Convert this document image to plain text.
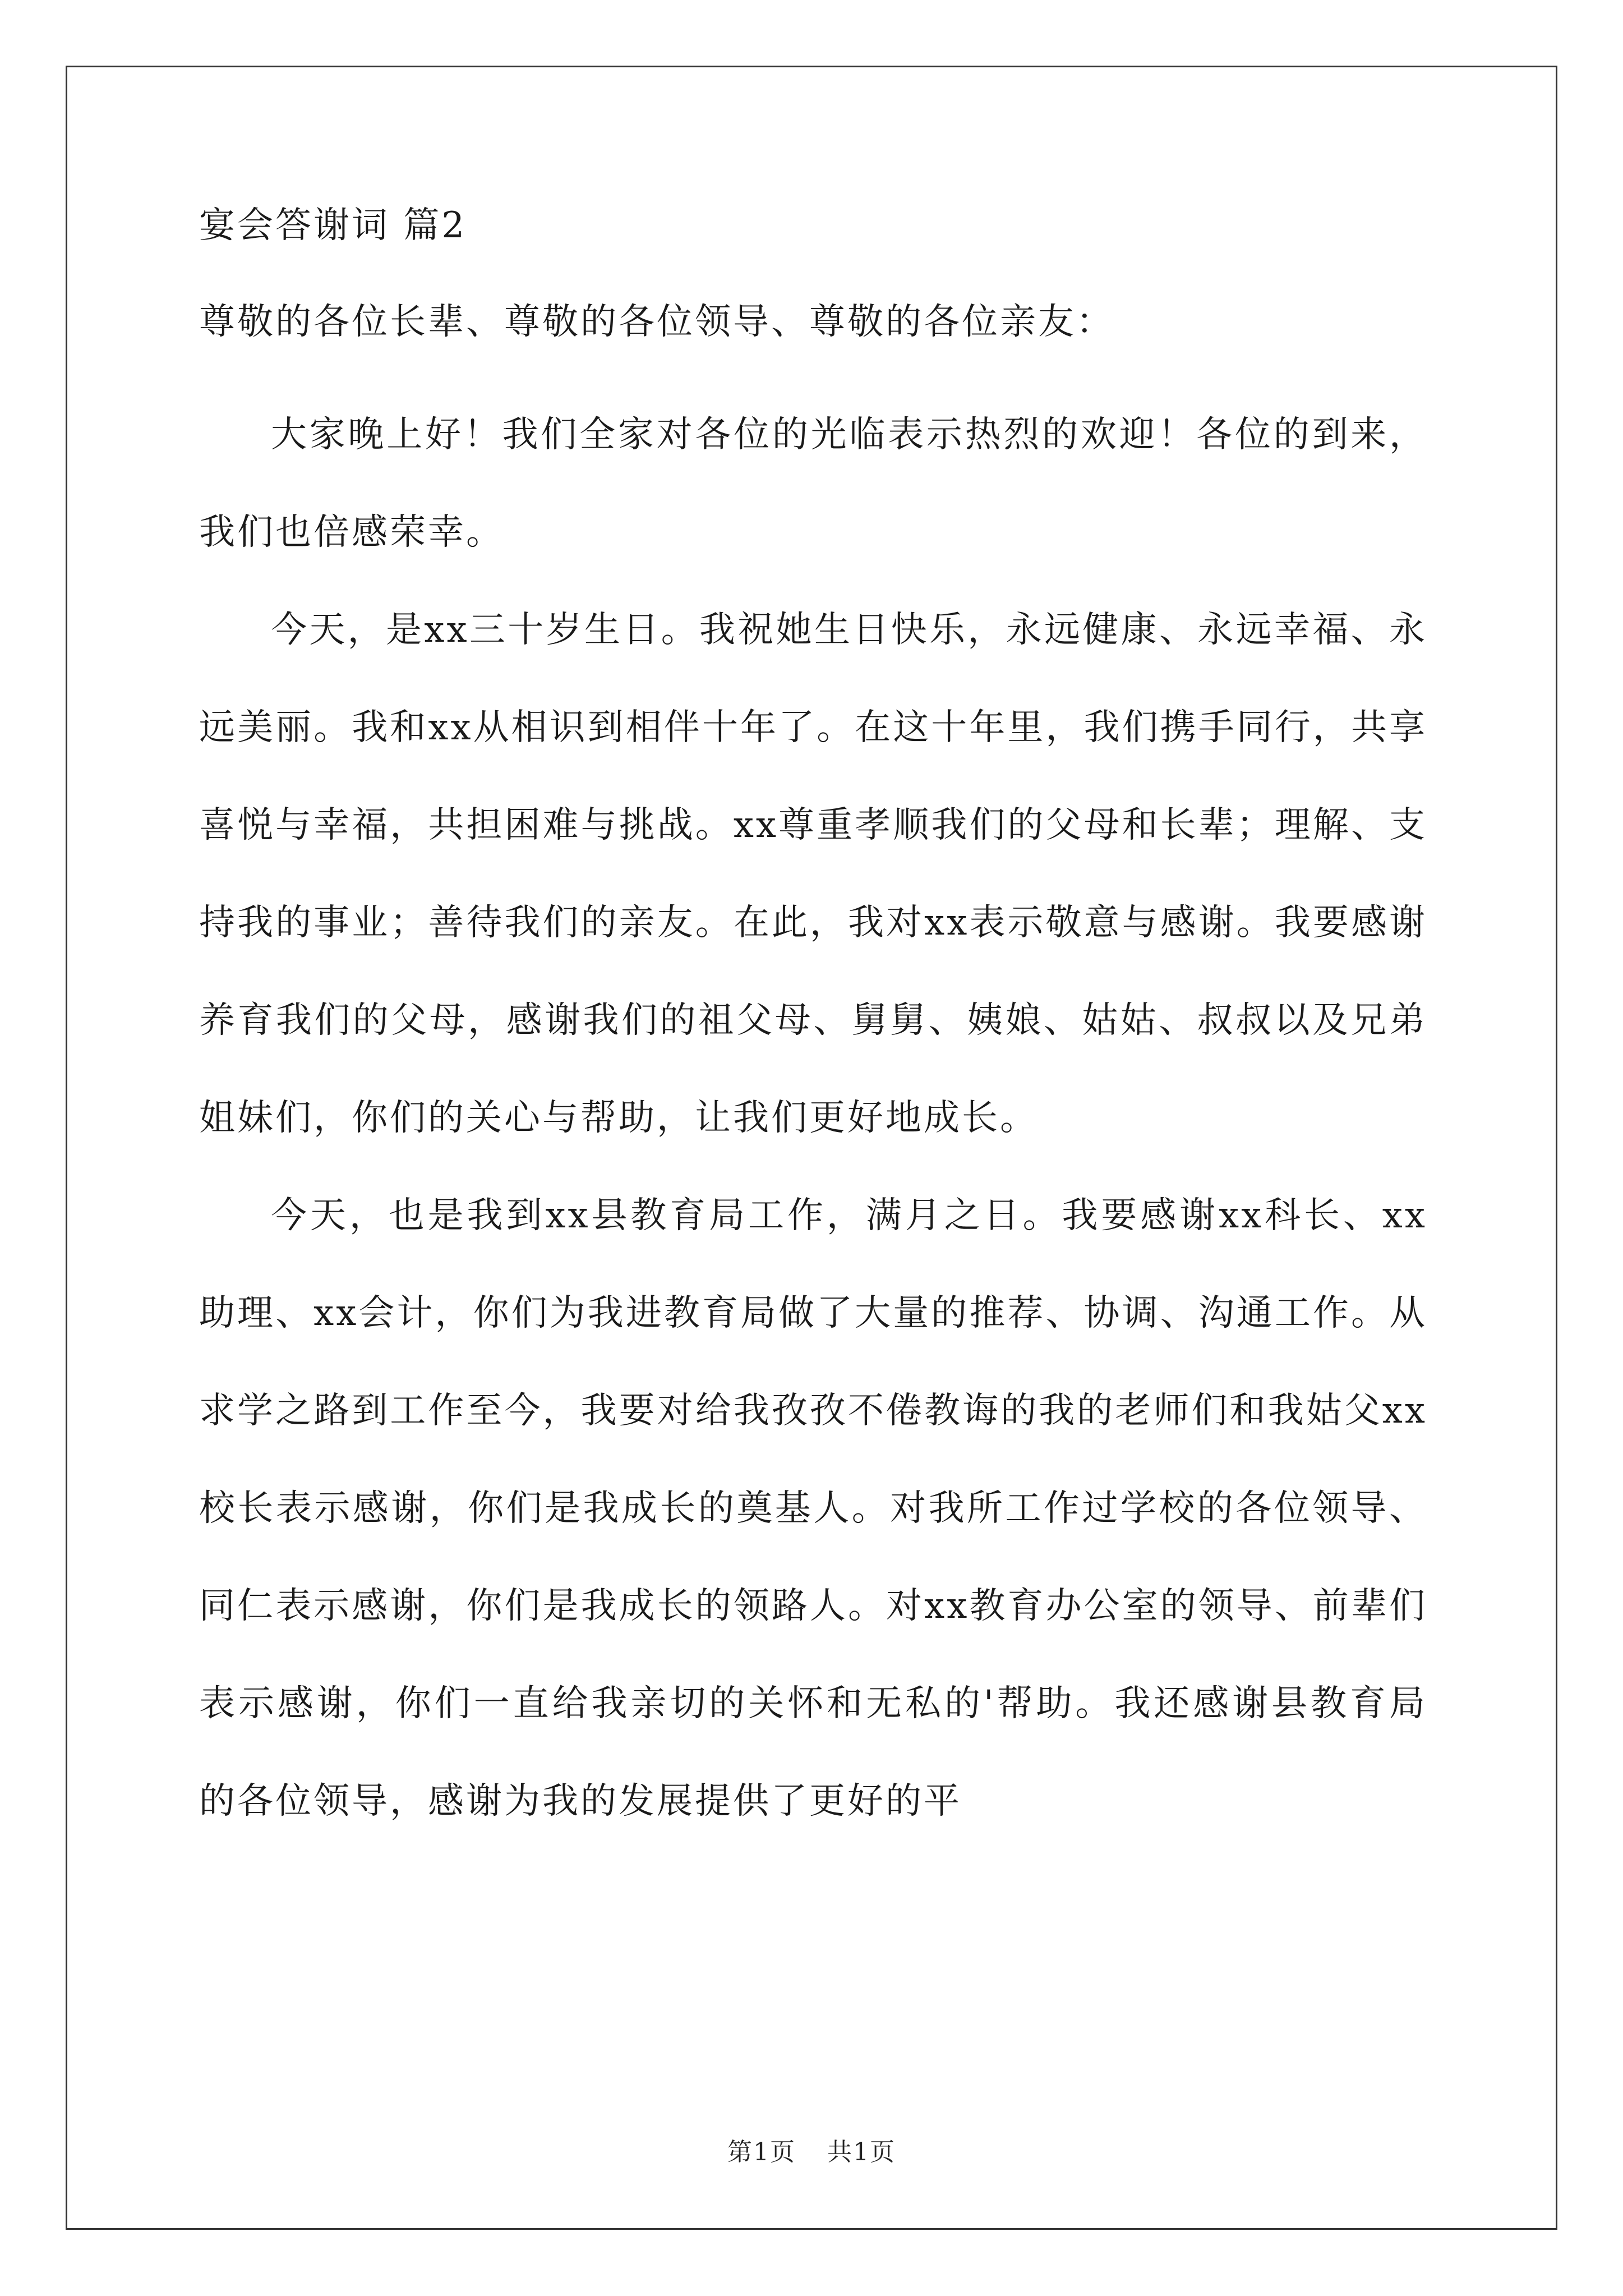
宴会答谢词 篇2

尊敬的各位长辈、尊敬的各位领导、尊敬的各位亲友：

大家晚上好！我们全家对各位的光临表示热烈的欢迎！各位的到来，我们也倍感荣幸。

今天，是xx三十岁生日。我祝她生日快乐，永远健康、永远幸福、永远美丽。我和xx从相识到相伴十年了。在这十年里，我们携手同行，共享喜悦与幸福，共担困难与挑战。xx尊重孝顺我们的父母和长辈；理解、支持我的事业；善待我们的亲友。在此，我对xx表示敬意与感谢。我要感谢养育我们的父母，感谢我们的祖父母、舅舅、姨娘、姑姑、叔叔以及兄弟姐妹们，你们的关心与帮助，让我们更好地成长。

今天，也是我到xx县教育局工作，满月之日。我要感谢xx科长、xx助理、xx会计，你们为我进教育局做了大量的推荐、协调、沟通工作。从求学之路到工作至今，我要对给我孜孜不倦教诲的我的老师们和我姑父xx校长表示感谢，你们是我成长的奠基人。对我所工作过学校的各位领导、同仁表示感谢，你们是我成长的领路人。对xx教育办公室的领导、前辈们表示感谢，你们一直给我亲切的关怀和无私的'帮助。我还感谢县教育局的各位领导，感谢为我的发展提供了更好的平

第1页 共1页
